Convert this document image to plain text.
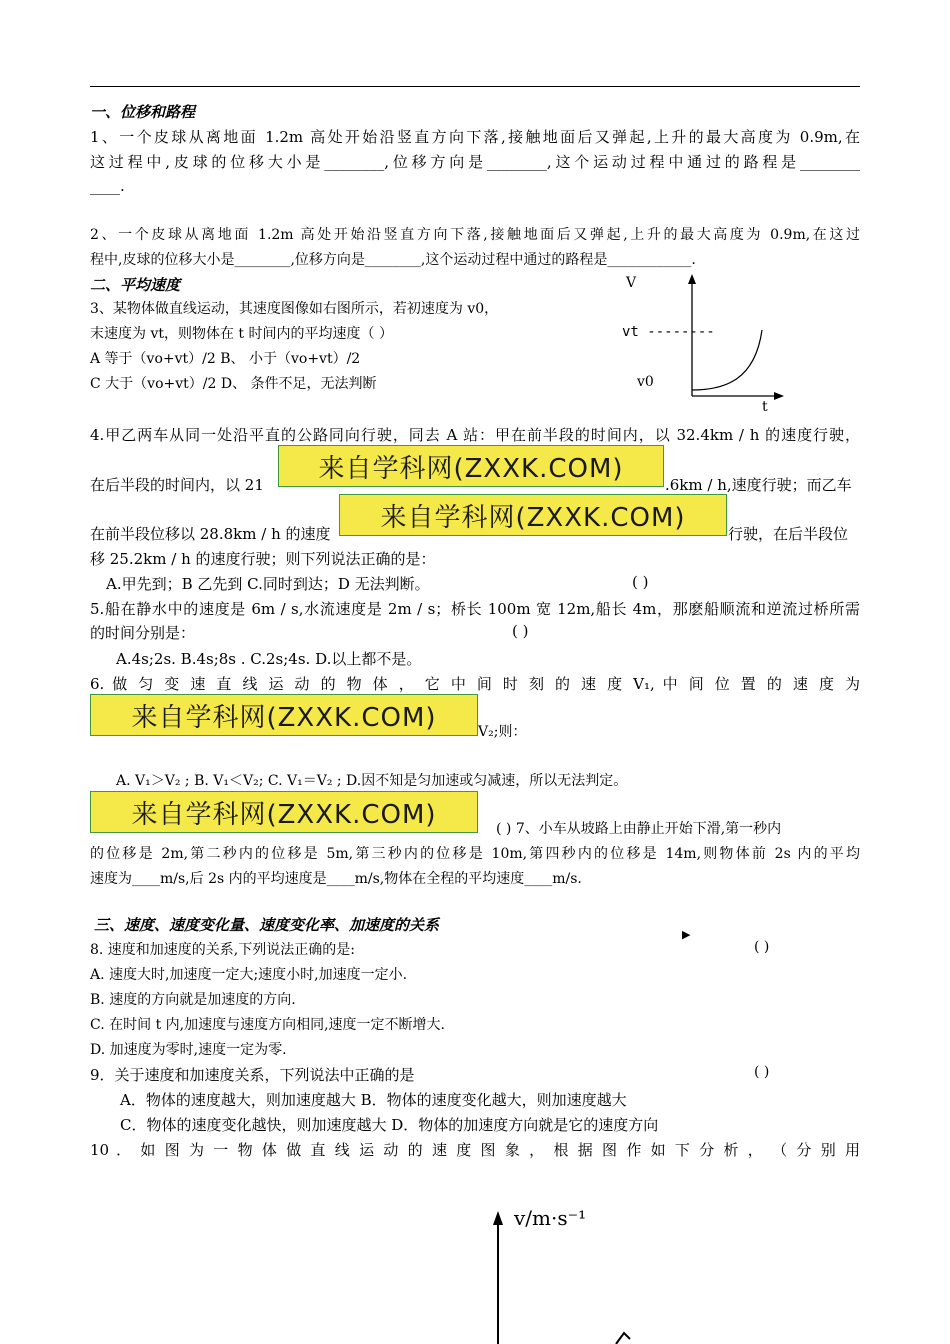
一、位移和路程
1、一个皮球从离地面 1.2m 高处开始沿竖直方向下落,接触地面后又弹起,上升的最大高度为 0.9m,在
这过程中,皮球的位移大小是________,位移方向是________,这个运动过程中通过的路程是________
____.
2、一个皮球从离地面 1.2m 高处开始沿竖直方向下落,接触地面后又弹起,上升的最大高度为 0.9m,在这过
程中,皮球的位移大小是________,位移方向是________,这个运动过程中通过的路程是____________.
二、平均速度
3、某物体做直线运动，其速度图像如右图所示，若初速度为 v0，
末速度为 vt，则物体在 t 时间内的平均速度（ ）
A 等于（vo+vt）/2 B、 小于（vo+vt）/2
C 大于（vo+vt）/2 D、 条件不足，无法判断
V
vt --------
v0
t
4.甲乙两车从同一处沿平直的公路同向行驶，同去 A 站：甲在前半段的时间内，以 32.4km / h 的速度行驶，
在后半段的时间内，以 21	.6km / h,速度行驶；而乙车
在前半段位移以 28.8km / h 的速度	行驶，在后半段位
移 25.2km / h 的速度行驶；则下列说法正确的是：
A.甲先到；B 乙先到 C.同时到达；D 无法判断。	( )
来自学科网(ZXXK.COM)
来自学科网(ZXXK.COM)
5.船在静水中的速度是 6m / s,水流速度是 2m / s；桥长 100m 宽 12m,船长 4m，那麽船顺流和逆流过桥所需
的时间分别是：	( )
A.4s;2s. B.4s;8s . C.2s;4s. D.以上都不是。
6. 做 匀 变 速 直 线 运 动 的 物 体 ， 它 中 间 时 刻 的 速 度 V₁, 中 间 位 置 的 速 度 为
来自学科网(ZXXK.COM)	V₂;则：
A. V₁＞V₂ ; B. V₁＜V₂; C. V₁＝V₂ ; D.因不知是匀加速或匀减速，所以无法判定。
来自学科网(ZXXK.COM)	( ) 7、小车从坡路上由静止开始下滑,第一秒内
的位移是 2m,第二秒内的位移是 5m,第三秒内的位移是 10m,第四秒内的位移是 14m,则物体前 2s 内的平均
速度为____m/s,后 2s 内的平均速度是____m/s,物体在全程的平均速度____m/s.
三、速度、速度变化量、速度变化率、加速度的关系
▶
8. 速度和加速度的关系,下列说法正确的是:	( )
A. 速度大时,加速度一定大;速度小时,加速度一定小.
B. 速度的方向就是加速度的方向.
C. 在时间 t 内,加速度与速度方向相同,速度一定不断增大.
D. 加速度为零时,速度一定为零.
9．关于速度和加速度关系，下列说法中正确的是	( )
A．物体的速度越大，则加速度越大 B．物体的速度变化越大，则加速度越大
C．物体的速度变化越快，则加速度越大 D．物体的加速度方向就是它的速度方向
10 ． 如 图 为 一 物 体 做 直 线 运 动 的 速 度 图 象 ， 根 据 图 作 如 下 分 析 ， （ 分 别 用
v/m·s⁻¹
